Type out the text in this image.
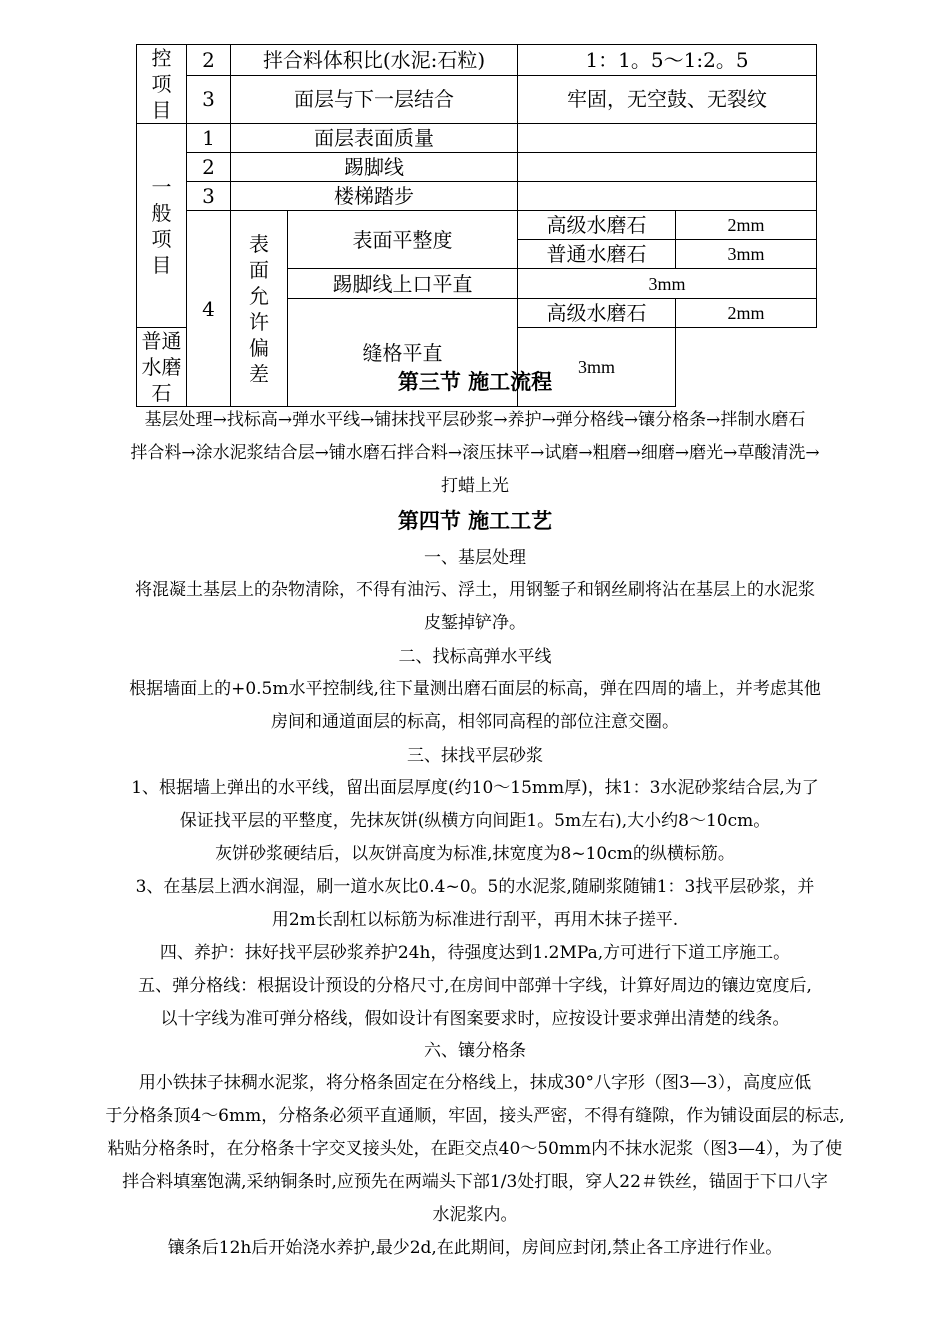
控项目	2	拌合料体积比(水泥:石粒)		1：1。5～1:2。5	
	3	面层与下一层结合		牢固，无空鼓、无裂纹	
一般项目	1	面层表面质量			
	2	踢脚线			
	3	楼梯踏步			
	4	表面允许偏差	表面平整度	高级水磨石	2mm
				普通水磨石	3mm
			踢脚线上口平直	3mm	
			缝格平直	高级水磨石	2mm
普通水磨石				3mm	
第三节 施工流程
基层处理→找标高→弹水平线→铺抹找平层砂浆→养护→弹分格线→镶分格条→拌制水磨石
拌合料→涂水泥浆结合层→铺水磨石拌合料→滚压抹平→试磨→粗磨→细磨→磨光→草酸清洗→
打蜡上光
第四节 施工工艺
一、基层处理
将混凝土基层上的杂物清除，不得有油污、浮土，用钢錾子和钢丝刷将沾在基层上的水泥浆
皮錾掉铲净。
二、找标高弹水平线
根据墙面上的+0.5m水平控制线,往下量测出磨石面层的标高，弹在四周的墙上，并考虑其他
房间和通道面层的标高，相邻同高程的部位注意交圈。
三、抹找平层砂浆
1、根据墙上弹出的水平线，留出面层厚度(约10～15mm厚)，抹1：3水泥砂浆结合层,为了
保证找平层的平整度，先抹灰饼(纵横方向间距1。5m左右),大小约8～10cm。
灰饼砂浆硬结后，以灰饼高度为标准,抹宽度为8~10cm的纵横标筋。
3、在基层上洒水润湿，刷一道水灰比0.4~0。5的水泥浆,随刷浆随铺1：3找平层砂浆，并
用2m长刮杠以标筋为标准进行刮平，再用木抹子搓平.
四、养护：抹好找平层砂浆养护24h，待强度达到1.2MPa,方可进行下道工序施工。
五、弹分格线：根据设计预设的分格尺寸,在房间中部弹十字线，计算好周边的镶边宽度后,
以十字线为准可弹分格线，假如设计有图案要求时，应按设计要求弹出清楚的线条。
六、镶分格条
用小铁抹子抹稠水泥浆，将分格条固定在分格线上，抹成30°八字形（图3—3），高度应低
于分格条顶4～6mm，分格条必须平直通顺，牢固，接头严密，不得有缝隙，作为铺设面层的标志,
粘贴分格条时，在分格条十字交叉接头处，在距交点40～50mm内不抹水泥浆（图3—4），为了使
拌合料填塞饱满,采纳铜条时,应预先在两端头下部1/3处打眼，穿人22＃铁丝，锚固于下口八字
水泥浆内。
镶条后12h后开始浇水养护,最少2d,在此期间，房间应封闭,禁止各工序进行作业。
